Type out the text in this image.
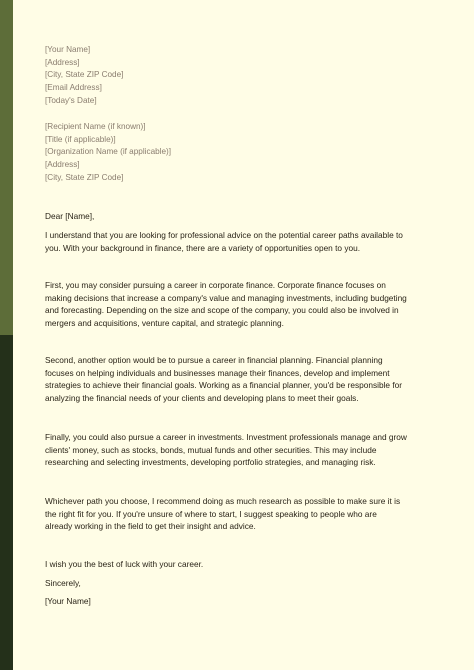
[Your Name]
[Address]
[City, State ZIP Code]
[Email Address]
[Today's Date]
[Recipient Name (if known)]
[Title (if applicable)]
[Organization Name (if applicable)]
[Address]
[City, State ZIP Code]
Dear [Name],
I understand that you are looking for professional advice on the potential career paths available to
you. With your background in finance, there are a variety of opportunities open to you.
First, you may consider pursuing a career in corporate finance. Corporate finance focuses on
making decisions that increase a company's value and managing investments, including budgeting
and forecasting. Depending on the size and scope of the company, you could also be involved in
mergers and acquisitions, venture capital, and strategic planning.
Second, another option would be to pursue a career in financial planning. Financial planning
focuses on helping individuals and businesses manage their finances, develop and implement
strategies to achieve their financial goals. Working as a financial planner, you'd be responsible for
analyzing the financial needs of your clients and developing plans to meet their goals.
Finally, you could also pursue a career in investments. Investment professionals manage and grow
clients' money, such as stocks, bonds, mutual funds and other securities. This may include
researching and selecting investments, developing portfolio strategies, and managing risk.
Whichever path you choose, I recommend doing as much research as possible to make sure it is
the right fit for you. If you're unsure of where to start, I suggest speaking to people who are
already working in the field to get their insight and advice.
I wish you the best of luck with your career.
Sincerely,
[Your Name]
